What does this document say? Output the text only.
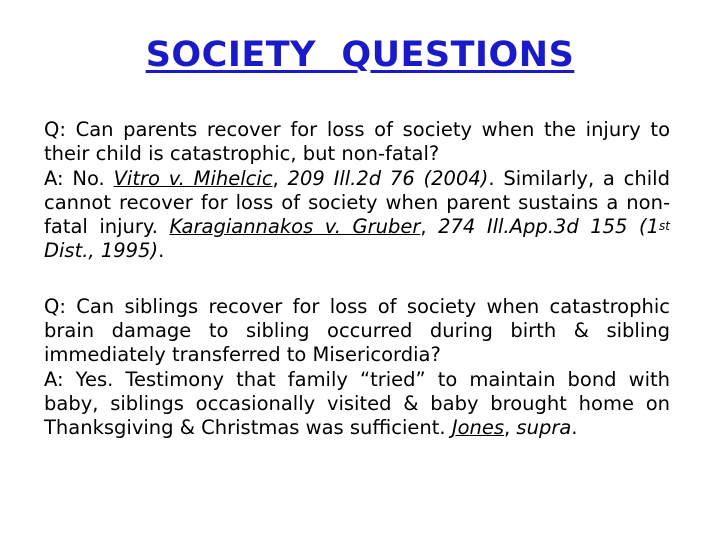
SOCIETY  QUESTIONS

Q: Can parents recover for loss of society when the injury to their child is catastrophic, but non-fatal?

A: No. Vitro v. Mihelcic, 209 Ill.2d 76 (2004). Similarly, a child cannot recover for loss of society when parent sustains a non-fatal injury. Karagiannakos v. Gruber, 274 Ill.App.3d 155 (1st Dist., 1995).

Q: Can siblings recover for loss of society when catastrophic brain damage to sibling occurred during birth & sibling immediately transferred to Misericordia?

A: Yes. Testimony that family “tried” to maintain bond with baby, siblings occasionally visited & baby brought home on Thanksgiving & Christmas was sufficient. Jones, supra.
